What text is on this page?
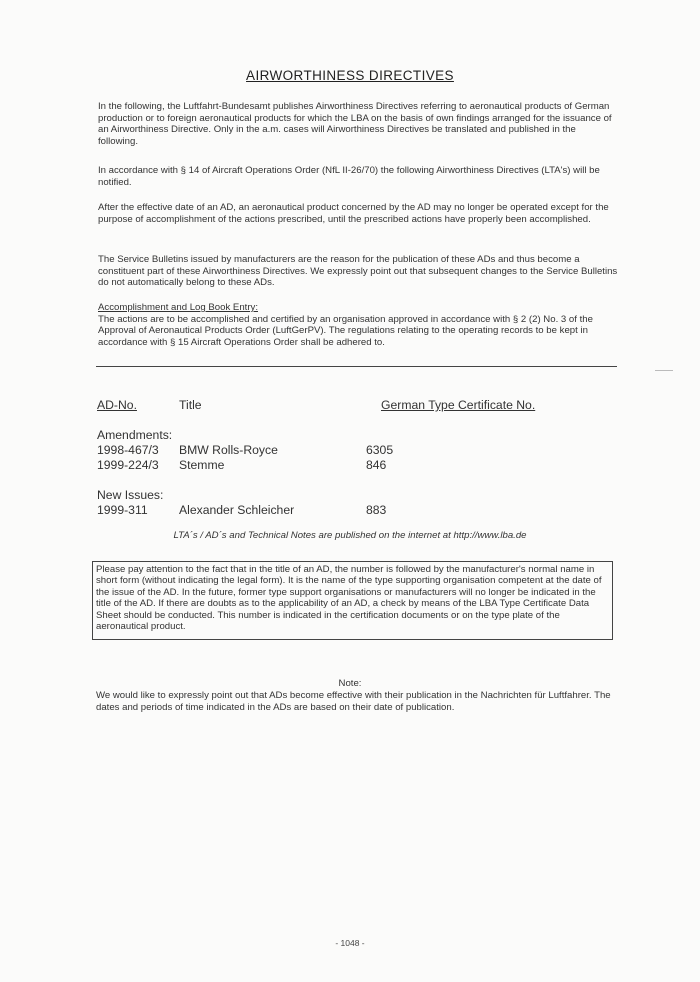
AIRWORTHINESS DIRECTIVES

In the following, the Luftfahrt-Bundesamt publishes Airworthiness Directives referring to aeronautical products of German production or to foreign aeronautical products for which the LBA on the basis of own findings arranged for the issuance of an Airworthiness Directive. Only in the a.m. cases will Airworthiness Directives be translated and published in the following.

In accordance with § 14 of Aircraft Operations Order (NfL II-26/70) the following Airworthiness Directives (LTA's) will be notified.

After the effective date of an AD, an aeronautical product concerned by the AD may no longer be operated except for the purpose of accomplishment of the actions prescribed, until the prescribed actions have properly been accomplished.

The Service Bulletins issued by manufacturers are the reason for the publication of these ADs and thus become a constituent part of these Airworthiness Directives. We expressly point out that subsequent changes to the Service Bulletins do not automatically belong to these ADs.

Accomplishment and Log Book Entry:
The actions are to be accomplished and certified by an organisation approved in accordance with § 2 (2) No. 3 of the Approval of Aeronautical Products Order (LuftGerPV). The regulations relating to the operating records to be kept in accordance with § 15 Aircraft Operations Order shall be adhered to.

AD-No.	Title	German Type Certificate No.
Amendments:
1998-467/3 BMW Rolls-Royce	6305
1999-224/3 Stemme	846
New Issues:
1999-311	Alexander Schleicher	883
LTA´s / AD´s and Technical Notes are published on the internet at http://www.lba.de
Please pay attention to the fact that in the title of an AD, the number is followed by the manufacturer's normal name in short form (without indicating the legal form). It is the name of the type supporting organisation competent at the date of the issue of the AD. In the future, former type support organisations or manufacturers will no longer be indicated in the title of the AD. If there are doubts as to the applicability of an AD, a check by means of the LBA Type Certificate Data Sheet should be conducted. This number is indicated in the certification documents or on the type plate of the aeronautical product.
Note:

We would like to expressly point out that ADs become effective with their publication in the Nachrichten für Luftfahrer. The dates and periods of time indicated in the ADs are based on their date of publication.

- 1048 -
